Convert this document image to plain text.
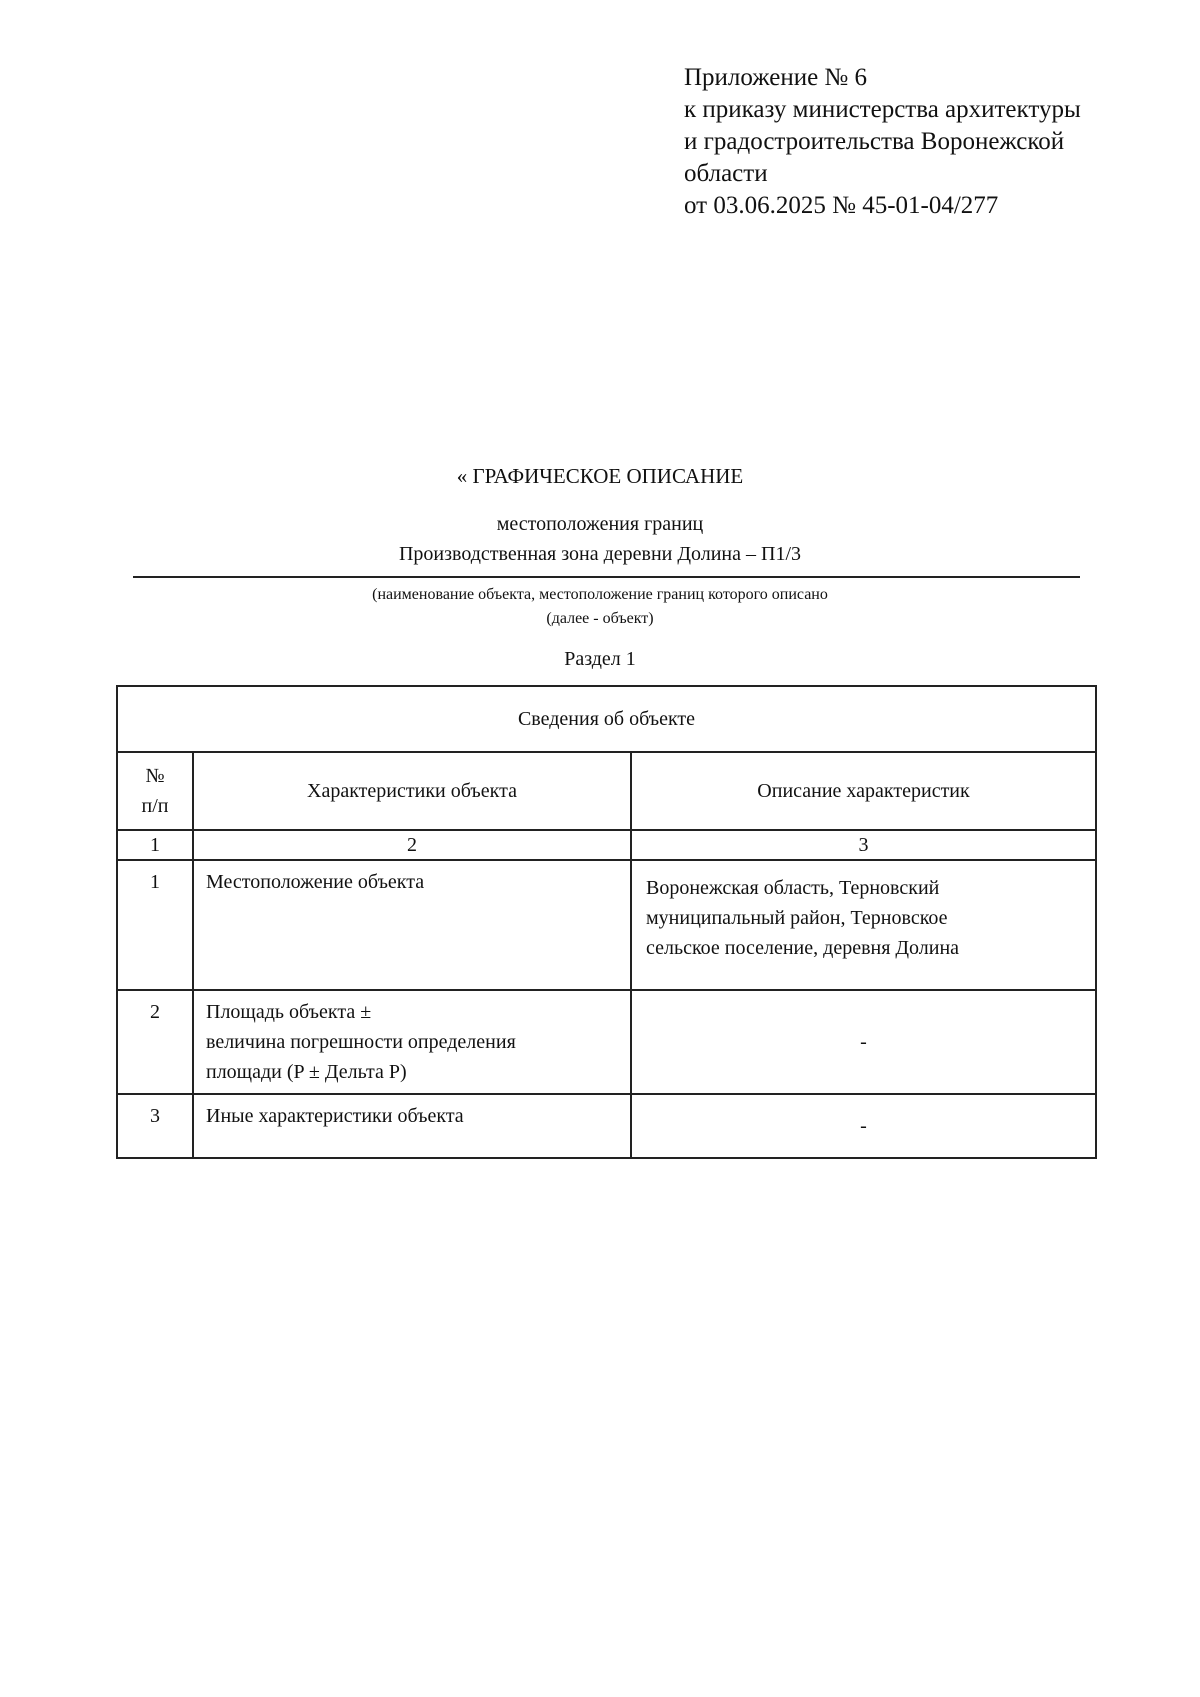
Приложение № 6
к приказу министерства архитектуры
и градостроительства Воронежской
области
от 03.06.2025 № 45-01-04/277
« ГРАФИЧЕСКОЕ ОПИСАНИЕ
местоположения границ
Производственная зона деревни Долина – П1/3
(наименование объекта, местоположение границ которого описано
(далее - объект)
Раздел 1
Сведения об объекте		

№
п/п	Характеристики объекта	Описание характеристик
1	2	3
1	Местоположение объекта	Воронежская область, Терновский
муниципальный район, Терновское
сельское поселение, деревня Долина

2	Площадь объекта ±
величина погрешности определения
площади (P ± Дельта P)	-
3	Иные характеристики объекта	-
